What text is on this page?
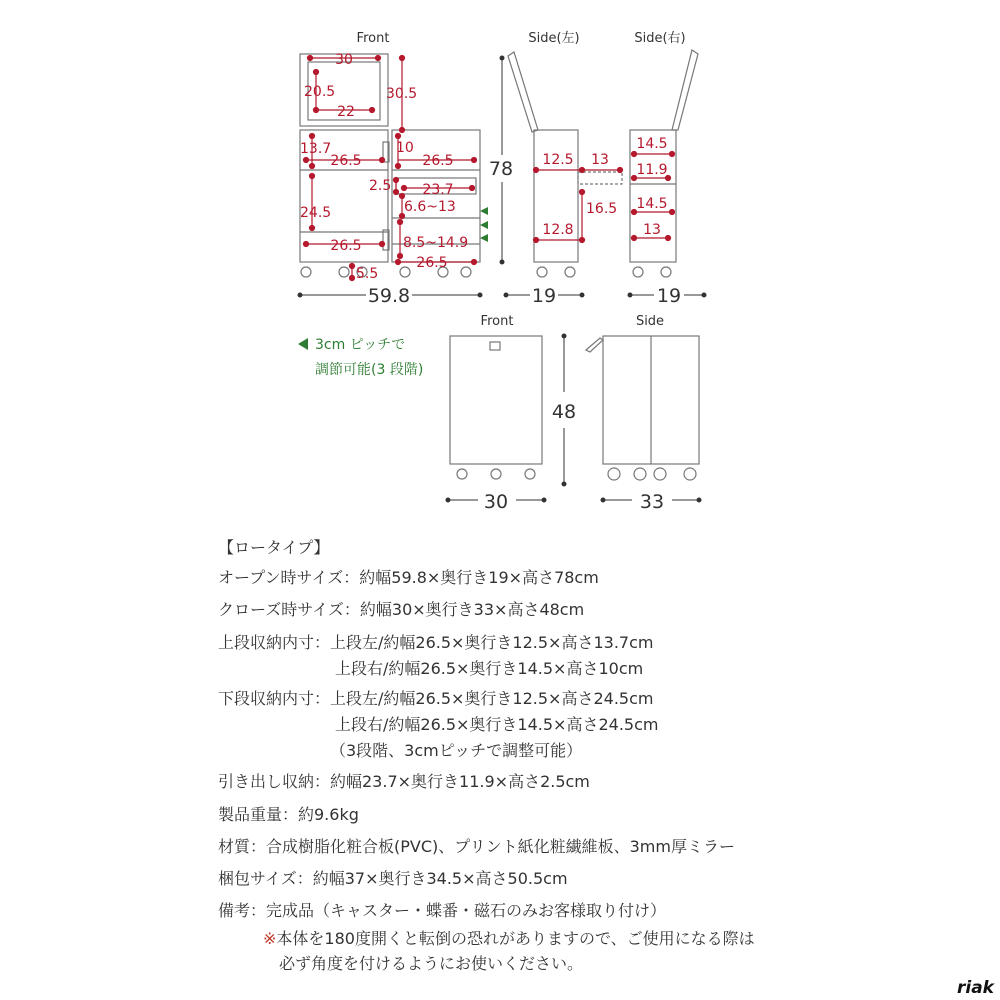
Front
30
20.5
22
30.5
13.7
26.5
10
26.5
2.5 23.7
6.6~13
24.5
26.5	8.5~14.9
26.5
5.5
59.8
78
Side(左)
12.5 13
16.5
12.8
19
Side(右)
14.5
11.9
14.5
13
19
3cm ピッチで
調節可能(3 段階)
Front
30
48
Side
33
【ロータイプ】
オープン時サイズ：約幅59.8×奥行き19×高さ78cm
クローズ時サイズ：約幅30×奥行き33×高さ48cm
上段収納内寸：上段左/約幅26.5×奥行き12.5×高さ13.7cm
上段右/約幅26.5×奥行き14.5×高さ10cm
下段収納内寸：上段左/約幅26.5×奥行き12.5×高さ24.5cm
上段右/約幅26.5×奥行き14.5×高さ24.5cm
（3段階、3cmピッチで調整可能）
引き出し収納：約幅23.7×奥行き11.9×高さ2.5cm
製品重量：約9.6kg
材質：合成樹脂化粧合板(PVC)、プリント紙化粧繊維板、3mm厚ミラー
梱包サイズ：約幅37×奥行き34.5×高さ50.5cm
備考：完成品（キャスター・蝶番・磁石のみお客様取り付け）
※本体を180度開くと転倒の恐れがありますので、ご使用になる際は
必ず角度を付けるようにお使いください。
riak
